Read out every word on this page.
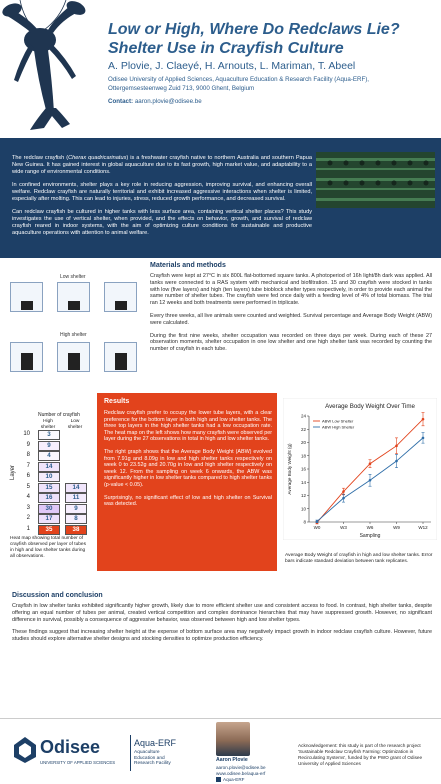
Low or High, Where Do Redclaws Lie?
Shelter Use in Crayfish Culture
A. Plovie, J. Claeyé, H. Arnouts, L. Mariman, T. Abeel
Odisee University of Applied Sciences, Aquaculture Education & Research Facility (Aqua-ERF),
Ottergemsesteenweg Zuid 713, 9000 Ghent, Belgium
Contact: aaron.plovie@odisee.be

The redclaw crayfish (Cherax quadricarinatus) is a freshwater crayfish native to northern Australia and southern Papua New Guinea. It has gained interest in global aquaculture due to its fast growth, high market value, and adaptability to a wide range of environmental conditions.

In confined environments, shelter plays a key role in reducing aggression, improving survival, and enhancing overall welfare. Redclaw crayfish are naturally territorial and exhibit increased aggressive interactions when shelter is limited, especially after molting. This can lead to injuries, stress, reduced growth performance, and decreased survival.

Can redclaw crayfish be cultured in higher tanks with less surface area, containing vertical shelter places? This study investigates the use of vertical shelter, when provided, and the effects on behavior, growth, and survival of redclaw crayfish reared in indoor systems, with the aim of optimizing culture conditions for sustainable and productive aquaculture operations with attention to animal welfare.

Materials and methods

Crayfish were kept at 27°C in six 800L flat-bottomed square tanks. A photoperiod of 16h light/8h dark was applied. All tanks were connected to a RAS system with mechanical and biofiltration. 15 and 30 crayfish were stocked in tanks with low (five layers) and high (ten layers) tube bioblock shelter types respectively, in order to provide each animal the same number of shelter tubes. The crayfish were fed once daily with a feeding level of 4% of total biomass. The trial ran 12 weeks and both treatments were performed in triplicate.

Every three weeks, all live animals were counted and weighted. Survival percentage and Average Body Weight (ABW) were calculated.

During the first nine weeks, shelter occupation was recorded on three days per week. During each of these 27 observation moments, shelter occupation in one low shelter and one high shelter tank was recorded by counting the number of crayfish in each tube.

Low shelter
High shelter
Number of crayfish
High shelter
Low shelter
Layer
10	3
9	9
8	4
7	14
6	10
5	15	14
4	16	11
3	30	9
2	17	8
1	35	38
Heat map showing total number of crayfish observed per layer of tubes in high and low shelter tanks during all observations.
Results

Redclaw crayfish prefer to occupy the lower tube layers, with a clear preference for the bottom layer in both high and low shelter tanks. The three top layers in the high shelter tanks had a low occupation rate. The heat map on the left shows how many crayfish were observed per layer during the 27 observations in total in high and low shelter tanks.

The right graph shows that the Average Body Weight (ABW) evolved from 7.91g and 8.09g in low and high shelter tanks respectively on week 0 to 23.52g and 20.70g in low and high shelter respectively on week 12. From the sampling on week 6 onwards, the ABW was significantly higher in low shelter tanks compared to high shelter tanks (p-value < 0.05).

Surprisingly, no significant effect of low and high shelter on Survival was detected.

Average Body Weight Over Time
8
10
12
14
16
18
20
22
24
W0	W3	W6	W9	W12
Sampling
Average Body Weight (g)
ABW Low Shelter
ABW High Shelter
Average Body Weight of crayfish in high and low shelter tanks. Error bars indicate standard deviation between tank replicates.
Discussion and conclusion

Crayfish in low shelter tanks exhibited significantly higher growth, likely due to more efficient shelter use and consistent access to food. In contrast, high shelter tanks, despite offering an equal number of tubes per animal, created vertical competition and complex dominance hierarchies that may have suppressed growth. However, no significant difference in survival, possibly a consequence of aggressive behavior, was observed between high and low shelter types.

These findings suggest that increasing shelter height at the expense of bottom surface area may negatively impact growth in indoor redclaw crayfish culture. However, future studies should explore alternative shelter designs and stocking densities to optimize production efficiency.

Odisee
UNIVERSITY OF APPLIED SCIENCES
Aqua-ERF
Aquaculture
Education and
Research Facility
Aaron Plovie
aaron.plovie@odisee.be
www.odisee.be/aqua-erf
Aqua-ERF
Acknowledgement: this study is part of the research project 'Sustainable Redclaw Crayfish Farming: Optimization in Recirculating Systems', funded by the PWO grant of Odisee University of Applied Sciences
